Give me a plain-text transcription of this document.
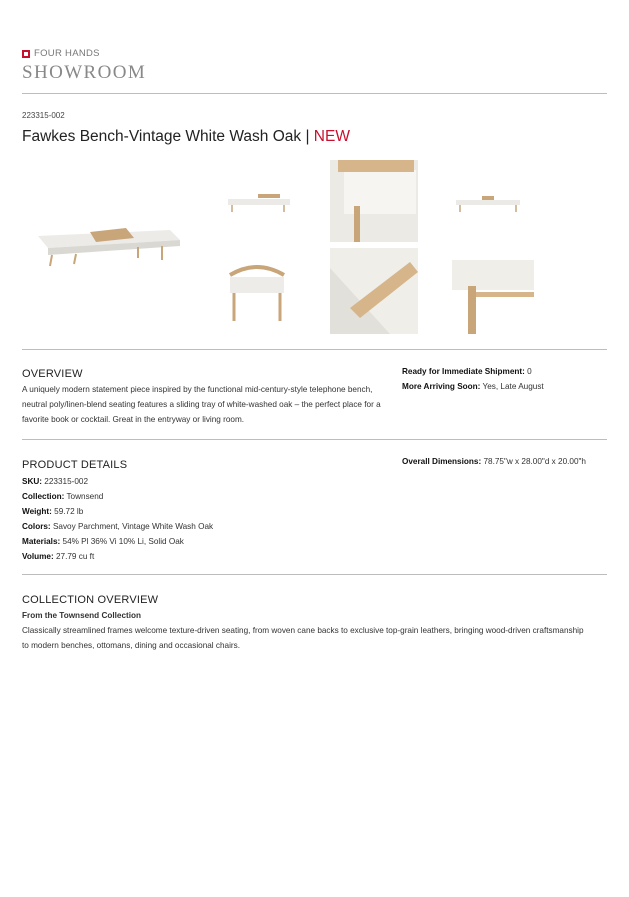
FOUR HANDS
SHOWROOM
223315-002
Fawkes Bench-Vintage White Wash Oak | NEW
OVERVIEW
A uniquely modern statement piece inspired by the functional mid-century-style telephone bench, neutral poly/linen-blend seating features a sliding tray of white-washed oak – the perfect place for a favorite book or cocktail. Great in the entryway or living room.
Ready for Immediate Shipment: 0
More Arriving Soon: Yes, Late August
PRODUCT DETAILS
SKU: 223315-002
Collection: Townsend
Weight: 59.72 lb
Colors: Savoy Parchment, Vintage White Wash Oak
Materials: 54% Pl 36% Vi 10% Li, Solid Oak
Volume: 27.79 cu ft
Overall Dimensions: 78.75"w x 28.00"d x 20.00"h
COLLECTION OVERVIEW
From the Townsend Collection
Classically streamlined frames welcome texture-driven seating, from woven cane backs to exclusive top-grain leathers, bringing wood-driven craftsmanship to modern benches, ottomans, dining and occasional chairs.
